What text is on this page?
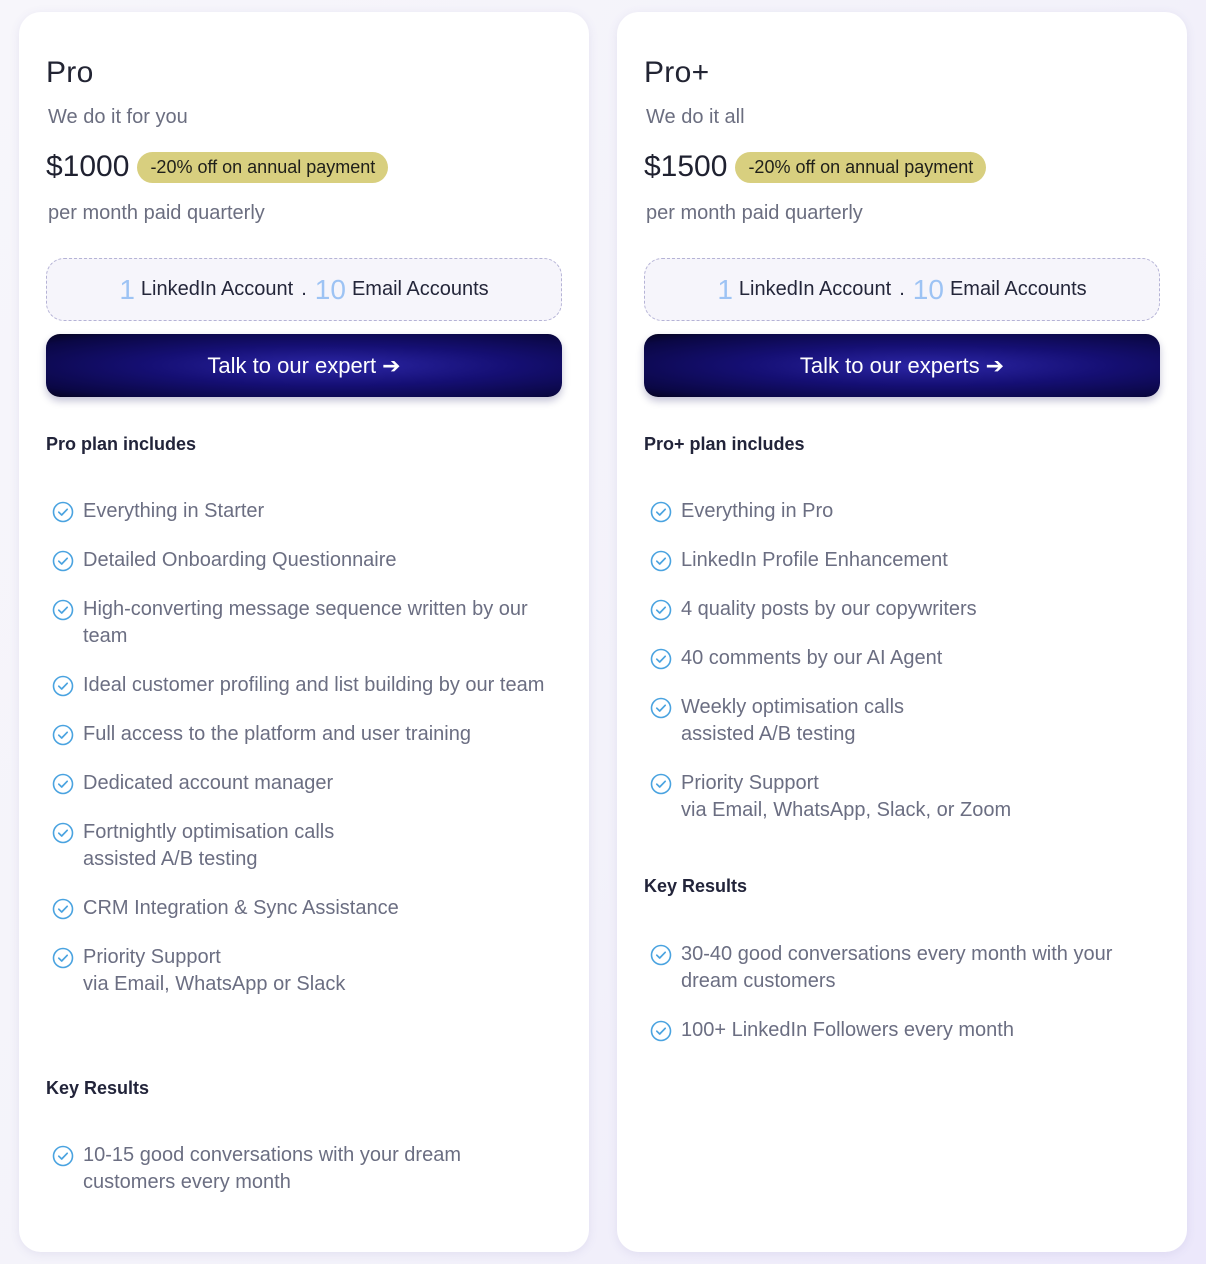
Pro
We do it for you
$1000	-20% off on annual payment
per month paid quarterly
1 LinkedIn Account . 10 Email Accounts
Talk to our expert ➔
Pro plan includes
Everything in Starter
Detailed Onboarding Questionnaire
High-converting message sequence written by our team
Ideal customer profiling and list building by our team
Full access to the platform and user training
Dedicated account manager
Fortnightly optimisation calls
assisted A/B testing
CRM Integration & Sync Assistance
Priority Support
via Email, WhatsApp or Slack
Key Results
10-15 good conversations with your dream customers every month
Pro+
We do it all
$1500	-20% off on annual payment
per month paid quarterly
1 LinkedIn Account . 10 Email Accounts
Talk to our experts ➔
Pro+ plan includes
Everything in Pro
LinkedIn Profile Enhancement
4 quality posts by our copywriters
40 comments by our AI Agent
Weekly optimisation calls
assisted A/B testing
Priority Support
via Email, WhatsApp, Slack, or Zoom
Key Results
30-40 good conversations every month with your dream customers
100+ LinkedIn Followers every month
